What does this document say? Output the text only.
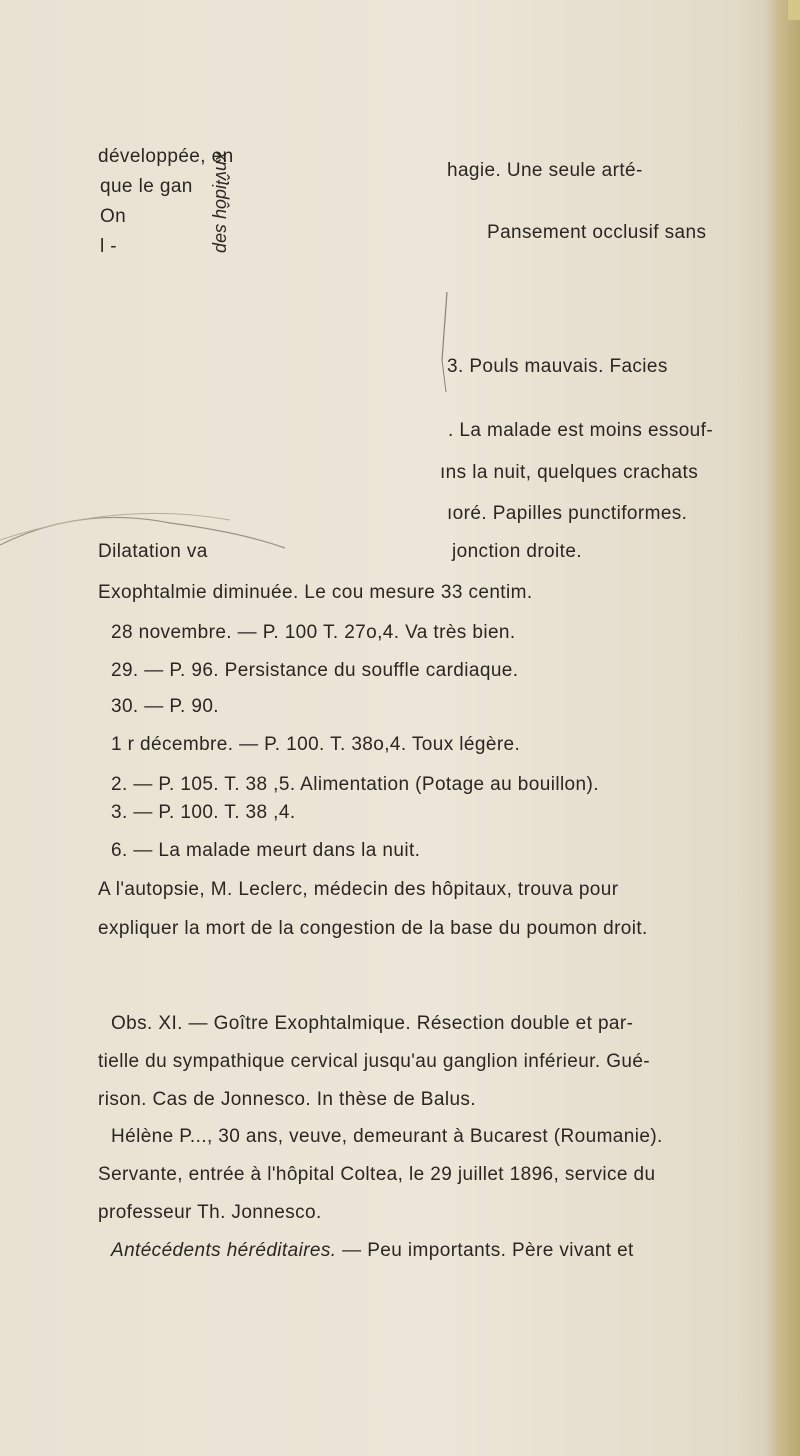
développée, en
que le gan
On
l -	xnv̂ʇᴉdôɥ sǝp	hagie. Une seule arté-
Pansement occlusif sans
3. Pouls mauvais. Facies
. La malade est moins essouf-
ıns la nuit, quelques crachats
ıoré. Papilles punctiformes.
Dilatation va	jonction droite.
Exophtalmie diminuée. Le cou mesure 33 centim.
28 novembre. — P. 100 T. 27o,4. Va très bien.
29. — P. 96. Persistance du souffle cardiaque.
30. — P. 90.
1 r décembre. — P. 100. T. 38o,4. Toux légère.
2. — P. 105. T. 38 ,5. Alimentation (Potage au bouillon).
3. — P. 100. T. 38 ,4.
6. — La malade meurt dans la nuit.
A l'autopsie, M. Leclerc, médecin des hôpitaux, trouva pour
expliquer la mort de la congestion de la base du poumon droit.
Obs. XI. — Goître Exophtalmique. Résection double et par-
tielle du sympathique cervical jusqu'au ganglion inférieur. Gué-
rison. Cas de Jonnesco. In thèse de Balus.
Hélène P..., 30 ans, veuve, demeurant à Bucarest (Roumanie).
Servante, entrée à l'hôpital Coltea, le 29 juillet 1896, service du
professeur Th. Jonnesco.
Antécédents héréditaires. — Peu importants. Père vivant et
